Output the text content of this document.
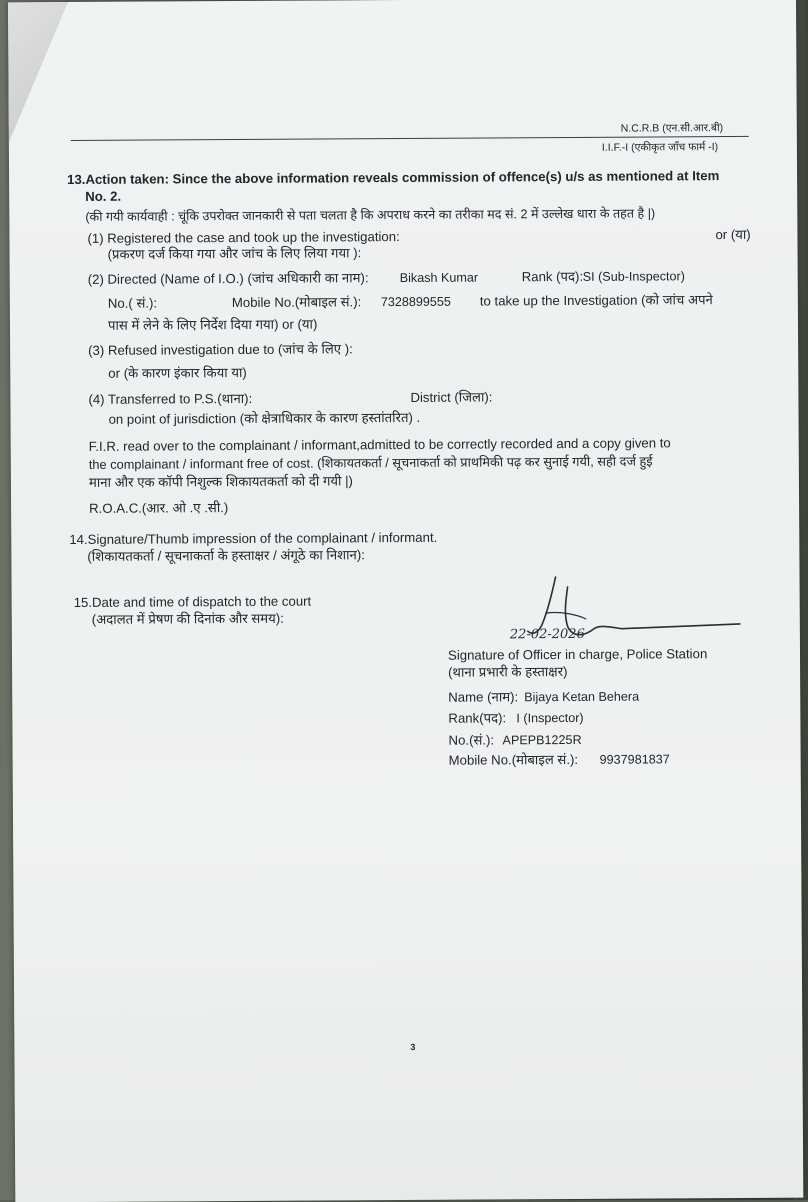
N.C.R.B (एन.सी.आर.बी)
I.I.F.-I (एकीकृत जाँच फार्म -I)
13.Action taken: Since the above information reveals commission of offence(s) u/s as mentioned at Item
No. 2.
(की गयी कार्यवाही : चूंकि उपरोक्त जानकारी से पता चलता है कि अपराध करने का तरीका मद सं. 2 में उल्लेख धारा के तहत है |)
(1) Registered the case and took up the investigation:	or (या)
(प्रकरण दर्ज किया गया और जांच के लिए लिया गया ):
(2) Directed (Name of I.O.) (जांच अधिकारी का नाम): Bikash Kumar	Rank (पद): SI (Sub-Inspector)
No.( सं.):	Mobile No.(मोबाइल सं.): 7328899555 to take up the Investigation (को जांच अपने
पास में लेने के लिए निर्देश दिया गया) or (या)
(3) Refused investigation due to (जांच के लिए ):
or (के कारण इंकार किया या)
(4) Transferred to P.S.(थाना):	District (जिला):
on point of jurisdiction (को क्षेत्राधिकार के कारण हस्तांतरित) .
F.I.R. read over to the complainant / informant,admitted to be correctly recorded and a copy given to
the complainant / informant free of cost. (शिकायतकर्ता / सूचनाकर्ता को प्राथमिकी पढ़ कर सुनाई गयी, सही दर्ज हुई
माना और एक कॉपी निशुल्क शिकायतकर्ता को दी गयी |)
R.O.A.C.(आर. ओ .ए .सी.)
14.Signature/Thumb impression of the complainant / informant.
(शिकायतकर्ता / सूचनाकर्ता के हस्ताक्षर / अंगूठे का निशान):
15.Date and time of dispatch to the court
(अदालत में प्रेषण की दिनांक और समय):
22-02-2026
Signature of Officer in charge, Police Station
(थाना प्रभारी के हस्ताक्षर)
Name (नाम): Bijaya Ketan Behera
Rank(पद): I (Inspector)
No.(सं.): APEPB1225R
Mobile No.(मोबाइल सं.): 9937981837
3
